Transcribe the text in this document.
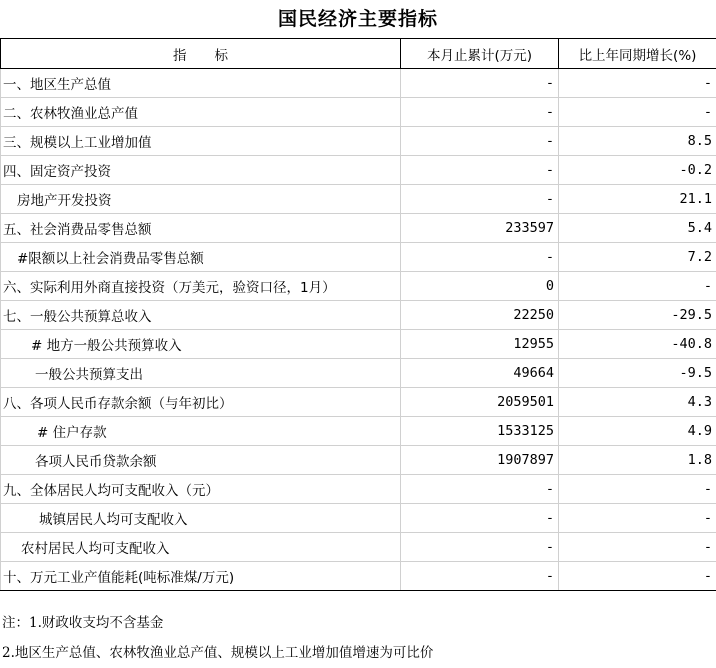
国民经济主要指标
指标	本月止累计(万元)	比上年同期增长(%)
一、地区生产总值	-	-
二、农林牧渔业总产值	-	-
三、规模以上工业增加值	-	8.5
四、固定资产投资	-	-0.2
房地产开发投资	-	21.1
五、社会消费品零售总额	233597	5.4
#限额以上社会消费品零售总额	-	7.2
六、实际利用外商直接投资（万美元，验资口径，1月）	0	-
七、一般公共预算总收入	22250	-29.5
# 地方一般公共预算收入	12955	-40.8
一般公共预算支出	49664	-9.5
八、各项人民币存款余额（与年初比）	2059501	4.3
# 住户存款	1533125	4.9
各项人民币贷款余额	1907897	1.8
九、全体居民人均可支配收入（元）	-	-
城镇居民人均可支配收入	-	-
农村居民人均可支配收入	-	-
十、万元工业产值能耗(吨标准煤/万元)	-	-
注：1.财政收支均不含基金
2.地区生产总值、农林牧渔业总产值、规模以上工业增加值增速为可比价
